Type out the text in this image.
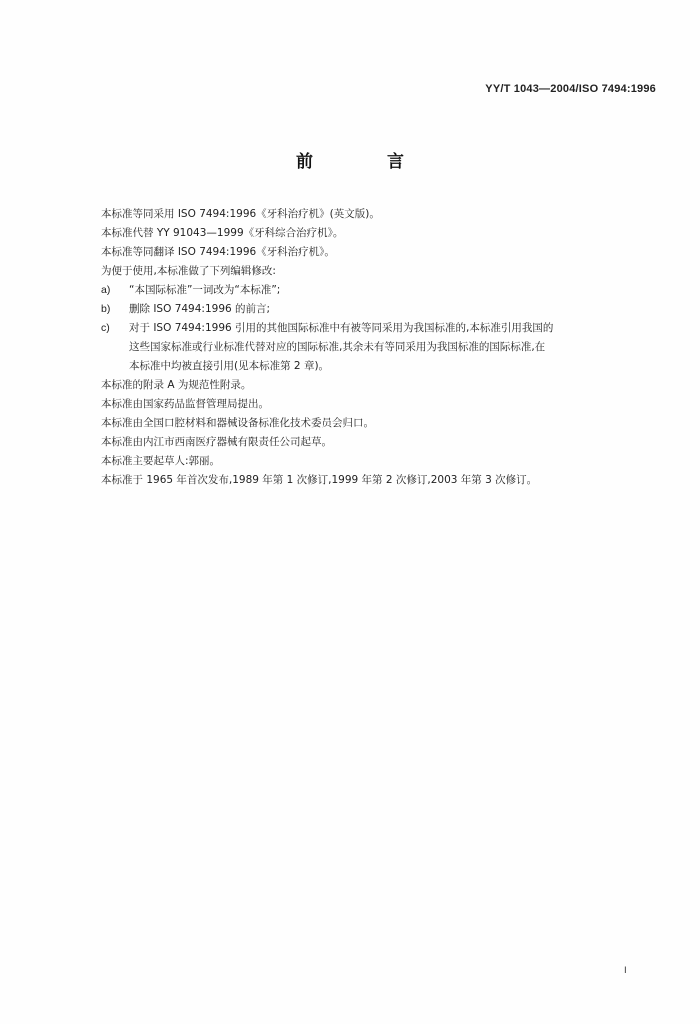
YY/T 1043—2004/ISO 7494:1996
前 言
本标准等同采用 ISO 7494:1996《牙科治疗机》(英文版)。
本标准代替 YY 91043—1999《牙科综合治疗机》。
本标准等同翻译 ISO 7494:1996《牙科治疗机》。
为便于使用,本标准做了下列编辑修改:
a)	“本国际标准”一词改为“本标准”;
b)	删除 ISO 7494:1996 的前言;
c)	对于 ISO 7494:1996 引用的其他国际标准中有被等同采用为我国标准的,本标准引用我国的
这些国家标准或行业标准代替对应的国际标准,其余未有等同采用为我国标准的国际标准,在
本标准中均被直接引用(见本标准第 2 章)。
本标准的附录 A 为规范性附录。
本标准由国家药品监督管理局提出。
本标准由全国口腔材料和器械设备标准化技术委员会归口。
本标准由内江市西南医疗器械有限责任公司起草。
本标准主要起草人:郭丽。
本标准于 1965 年首次发布,1989 年第 1 次修订,1999 年第 2 次修订,2003 年第 3 次修订。
I
